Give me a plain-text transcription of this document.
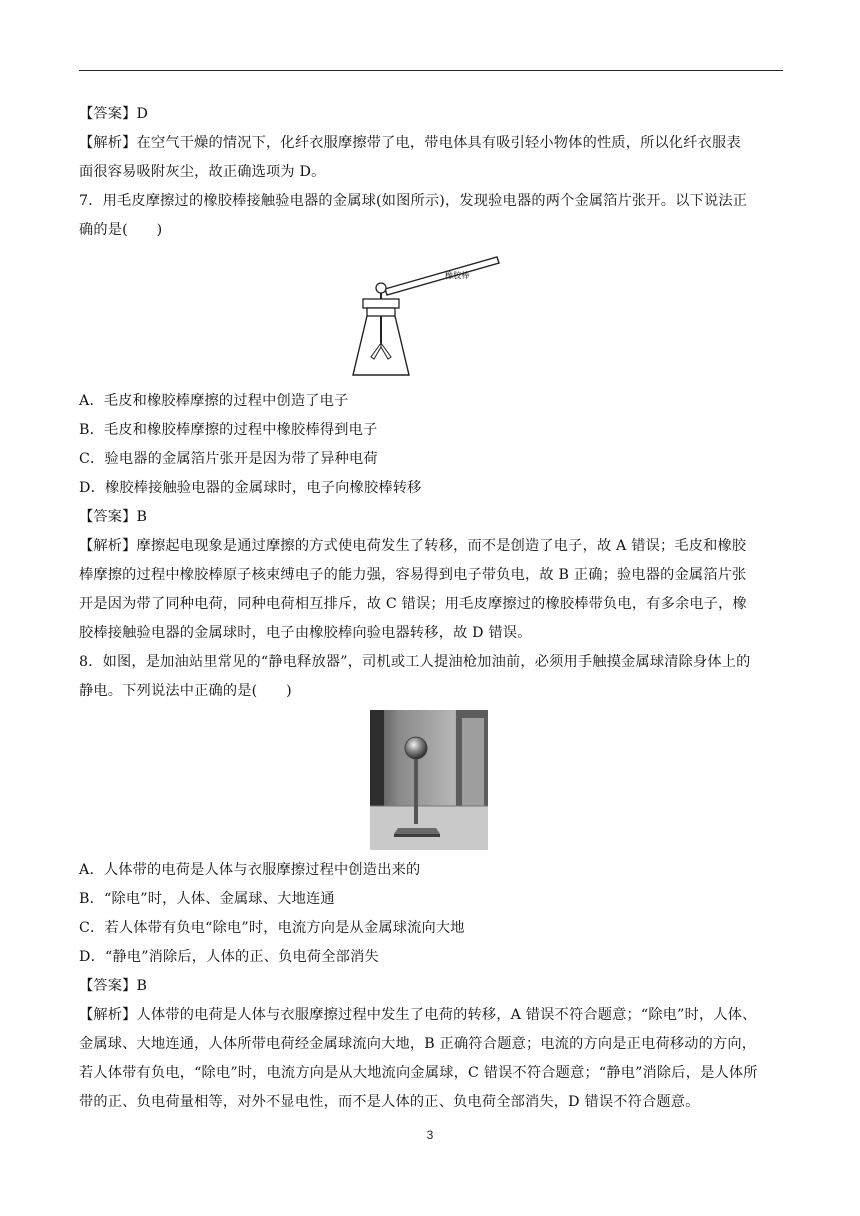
【答案】D
【解析】在空气干燥的情况下，化纤衣服摩擦带了电，带电体具有吸引轻小物体的性质，所以化纤衣服表
面很容易吸附灰尘，故正确选项为 D。
7．用毛皮摩擦过的橡胶棒接触验电器的金属球(如图所示)，发现验电器的两个金属箔片张开。以下说法正
确的是(　　)
橡胶棒
A．毛皮和橡胶棒摩擦的过程中创造了电子
B．毛皮和橡胶棒摩擦的过程中橡胶棒得到电子
C．验电器的金属箔片张开是因为带了异种电荷
D．橡胶棒接触验电器的金属球时，电子向橡胶棒转移
【答案】B
【解析】摩擦起电现象是通过摩擦的方式使电荷发生了转移，而不是创造了电子，故 A 错误；毛皮和橡胶
棒摩擦的过程中橡胶棒原子核束缚电子的能力强，容易得到电子带负电，故 B 正确；验电器的金属箔片张
开是因为带了同种电荷，同种电荷相互排斥，故 C 错误；用毛皮摩擦过的橡胶棒带负电，有多余电子，橡
胶棒接触验电器的金属球时，电子由橡胶棒向验电器转移，故 D 错误。
8．如图，是加油站里常见的“静电释放器”，司机或工人提油枪加油前，必须用手触摸金属球清除身体上的
静电。下列说法中正确的是(　　)
A．人体带的电荷是人体与衣服摩擦过程中创造出来的
B．“除电”时，人体、金属球、大地连通
C．若人体带有负电“除电”时，电流方向是从金属球流向大地
D．“静电”消除后，人体的正、负电荷全部消失
【答案】B
【解析】人体带的电荷是人体与衣服摩擦过程中发生了电荷的转移，A 错误不符合题意；“除电”时，人体、
金属球、大地连通，人体所带电荷经金属球流向大地，B 正确符合题意；电流的方向是正电荷移动的方向，
若人体带有负电，“除电”时，电流方向是从大地流向金属球，C 错误不符合题意；“静电”消除后，是人体所
带的正、负电荷量相等，对外不显电性，而不是人体的正、负电荷全部消失，D 错误不符合题意。
3
